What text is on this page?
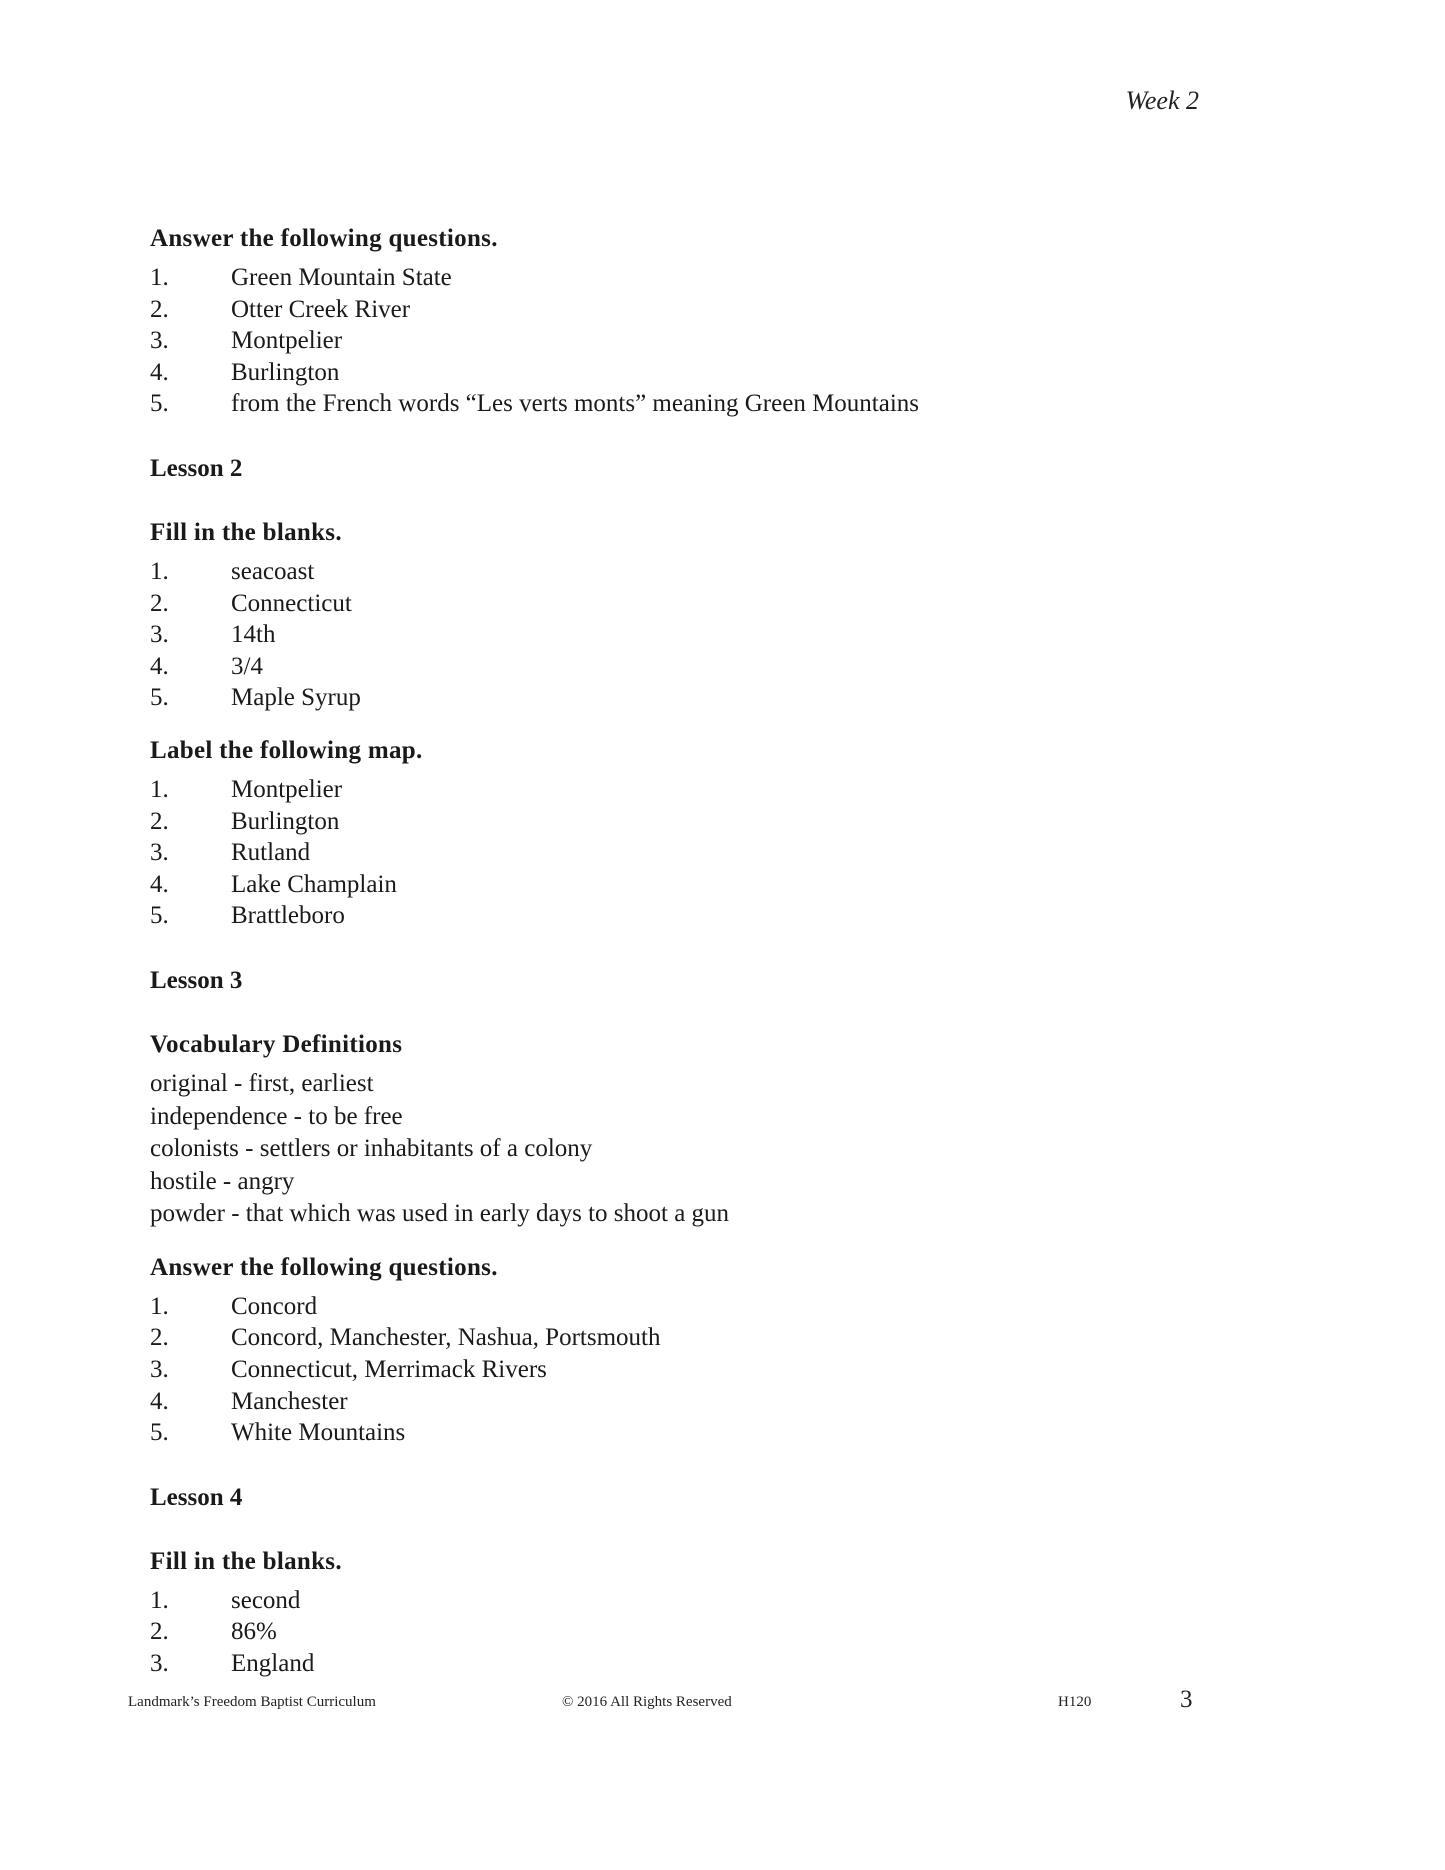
Week 2
Answer the following questions.
1.	Green Mountain State
2.	Otter Creek River
3.	Montpelier
4.	Burlington
5.	from the French words “Les verts monts” meaning Green Mountains
Lesson 2
Fill in the blanks.
1.	seacoast
2.	Connecticut
3.	14th
4.	3/4
5.	Maple Syrup
Label the following map.
1.	Montpelier
2.	Burlington
3.	Rutland
4.	Lake Champlain
5.	Brattleboro
Lesson 3
Vocabulary Definitions
original - first, earliest
independence - to be free
colonists - settlers or inhabitants of a colony
hostile - angry
powder - that which was used in early days to shoot a gun
Answer the following questions.
1.	Concord
2.	Concord, Manchester, Nashua, Portsmouth
3.	Connecticut, Merrimack Rivers
4.	Manchester
5.	White Mountains
Lesson 4
Fill in the blanks.
1.	second
2.	86%
3.	England
Landmark’s Freedom Baptist Curriculum	© 2016 All Rights Reserved	H120	3
